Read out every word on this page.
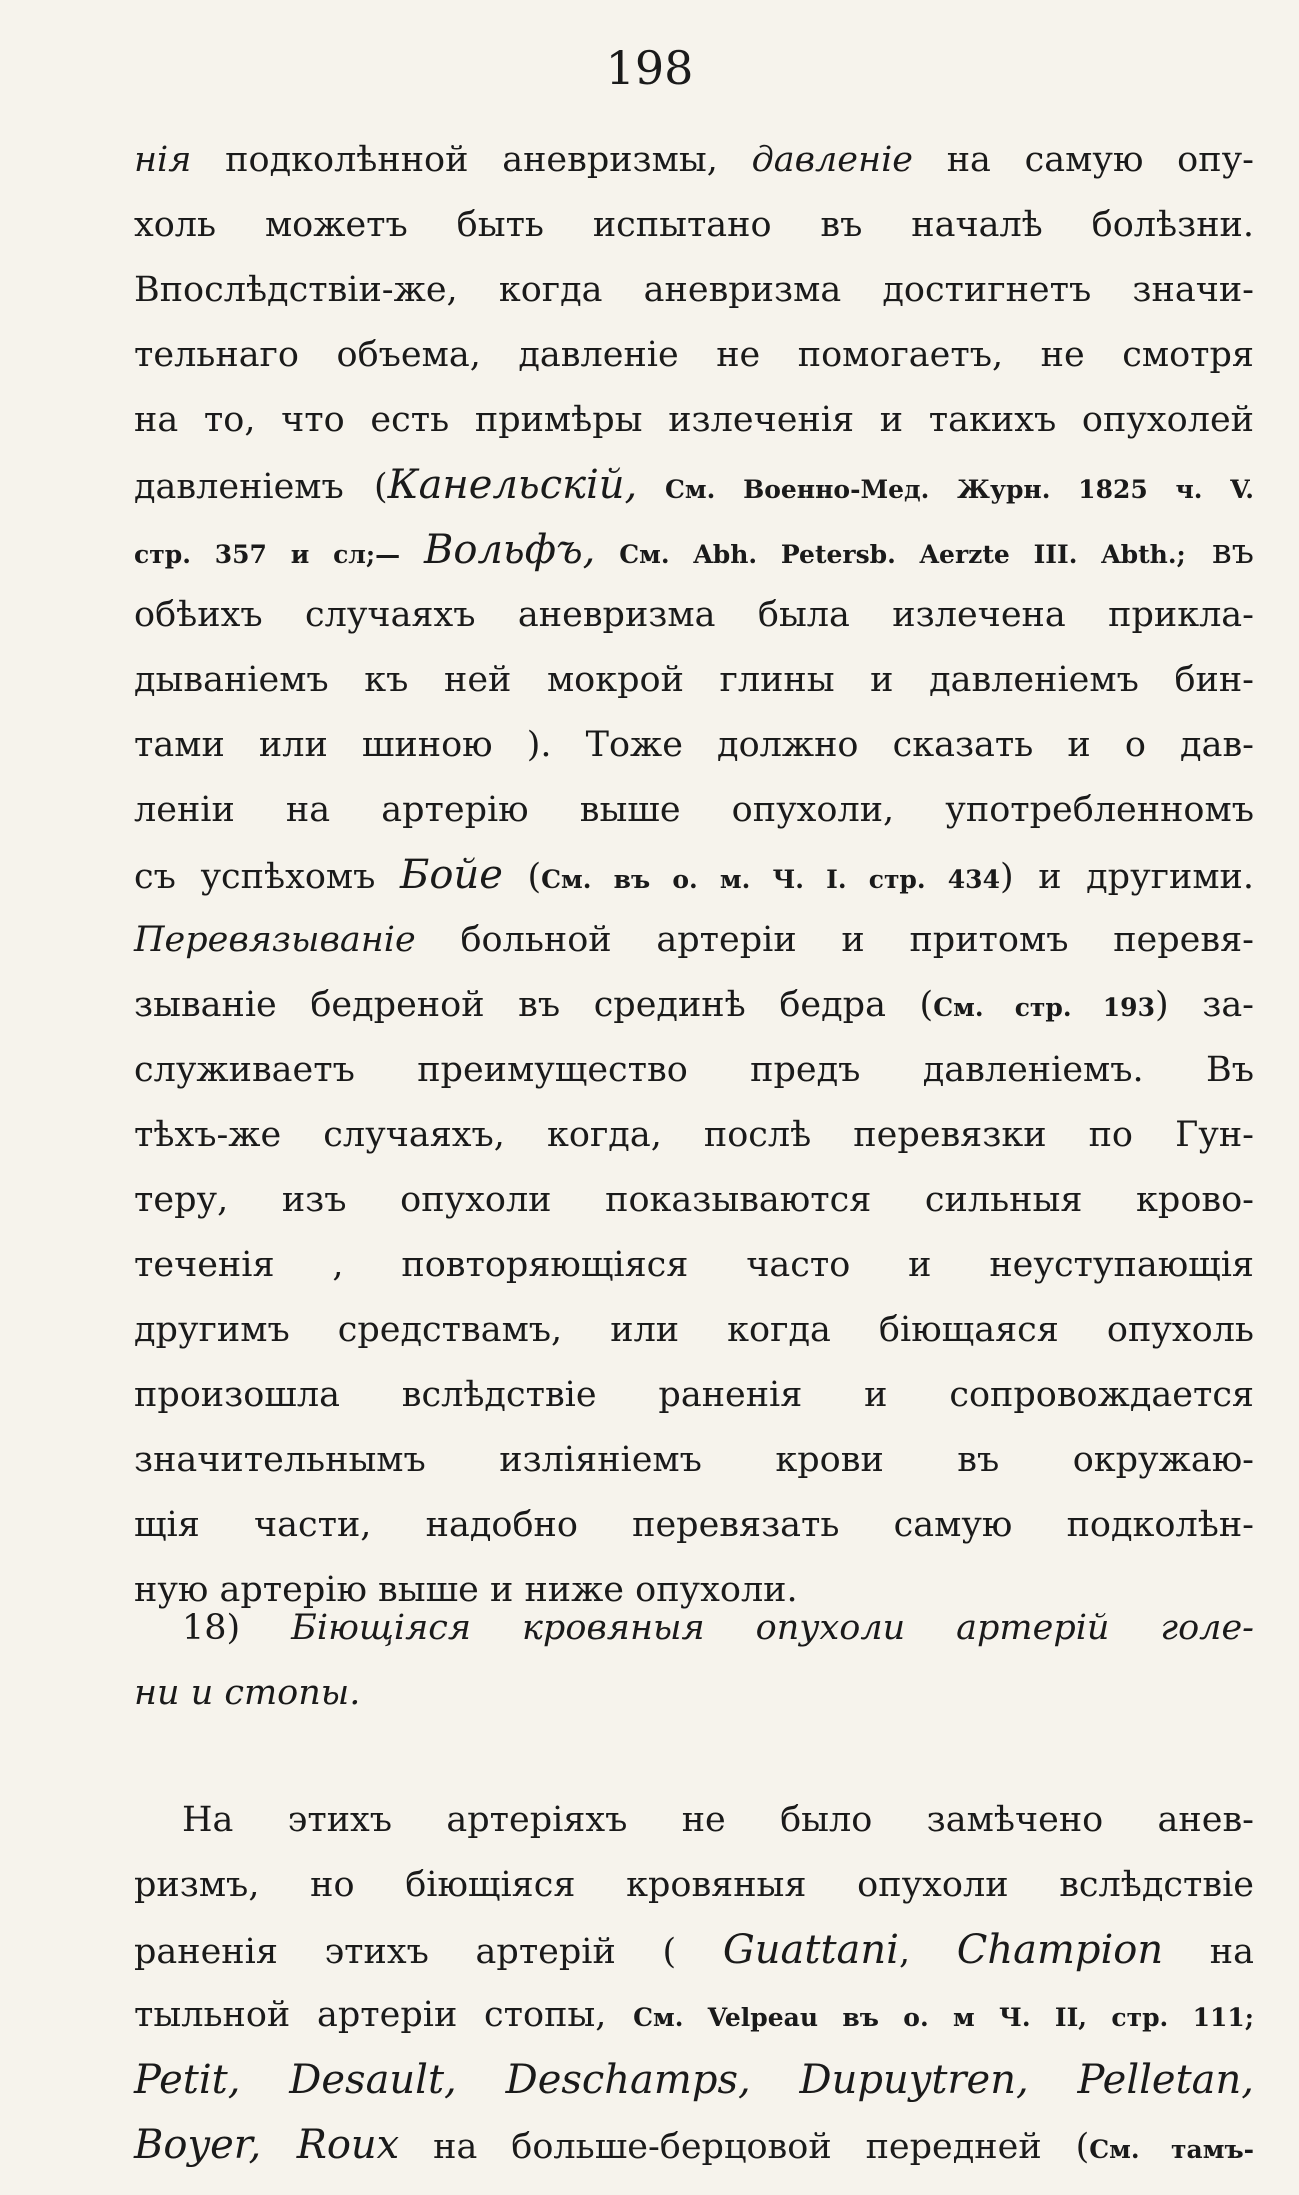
198
нія подколѣнной аневризмы, давленіе на самую опу-
холь можетъ быть испытано въ началѣ болѣзни.
Впослѣдствіи-же, когда аневризма достигнетъ значи-
тельнаго объема, давленіе не помогаетъ, не смотря
на то, что есть примѣры излеченія и такихъ опухолей
давленіемъ (Канельскій, См. Военно-Мед. Журн. 1825 ч. V.
стр. 357 и сл;— Вольфъ, См. Abh. Petersb. Aerzte III. Abth.; въ
обѣихъ случаяхъ аневризма была излечена прикла-
дываніемъ къ ней мокрой глины и давленіемъ бин-
тами или шиною ). Тоже должно сказать и о дав-
леніи на артерію выше опухоли, употребленномъ
съ успѣхомъ Бойе (См. въ о. м. Ч. I. стр. 434) и другими.
Перевязываніе больной артеріи и притомъ перевя-
зываніе бедреной въ срединѣ бедра (См. стр. 193) за-
служиваетъ преимущество предъ давленіемъ. Въ
тѣхъ-же случаяхъ, когда, послѣ перевязки по Гун-
теру, изъ опухоли показываются сильныя крово-
теченія , повторяющіяся часто и неуступающія
другимъ средствамъ, или когда біющаяся опухоль
произошла вслѣдствіе раненія и сопровождается
значительнымъ изліяніемъ крови въ окружаю-
щія части, надобно перевязать самую подколѣн-
ную артерію выше и ниже опухоли.
18) Біющіяся кровяныя опухоли артерій голе-
ни и стопы.
На этихъ артеріяхъ не было замѣчено анев-
ризмъ, но біющіяся кровяныя опухоли вслѣдствіе
раненія этихъ артерій ( Guattani, Champion на
тыльной артеріи стопы, См. Velpeau въ о. м Ч. II, стр. 111;
Petit, Desault, Deschamps, Dupuytren, Pelletan,
Boyer, Roux на больше-берцовой передней (См. тамъ-
